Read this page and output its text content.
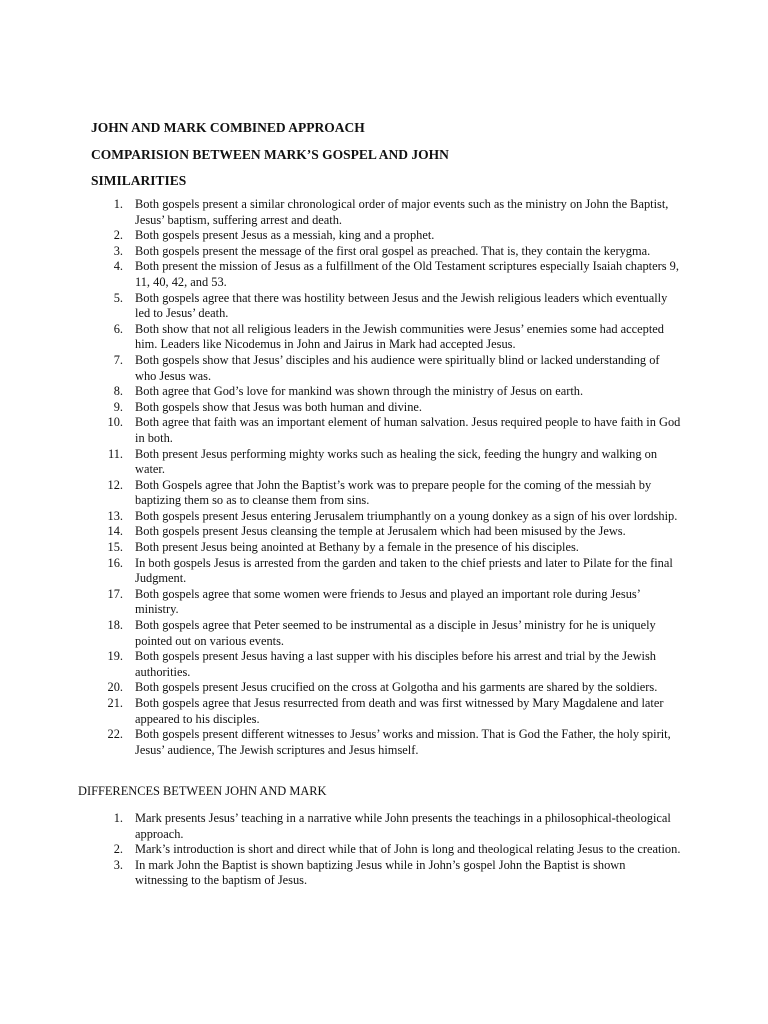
JOHN AND MARK COMBINED APPROACH
COMPARISION BETWEEN MARK’S GOSPEL AND JOHN
SIMILARITIES
1. Both gospels present a similar chronological order of major events such as the ministry on John the Baptist, Jesus’ baptism, suffering arrest and death.
2. Both gospels present Jesus as a messiah, king and a prophet.
3. Both gospels present the message of the first oral gospel as preached. That is, they contain the kerygma.
4. Both present the mission of Jesus as a fulfillment of the Old Testament scriptures especially Isaiah chapters 9, 11, 40, 42, and 53.
5. Both gospels agree that there was hostility between Jesus and the Jewish religious leaders which eventually led to Jesus’ death.
6. Both show that not all religious leaders in the Jewish communities were Jesus’ enemies some had accepted him. Leaders like Nicodemus in John and Jairus in Mark had accepted Jesus.
7. Both gospels show that Jesus’ disciples and his audience were spiritually blind or lacked understanding of who Jesus was.
8. Both agree that God’s love for mankind was shown through the ministry of Jesus on earth.
9. Both gospels show that Jesus was both human and divine.
10. Both agree that faith was an important element of human salvation. Jesus required people to have faith in God in both.
11. Both present Jesus performing mighty works such as healing the sick, feeding the hungry and walking on water.
12. Both Gospels agree that John the Baptist’s work was to prepare people for the coming of the messiah by baptizing them so as to cleanse them from sins.
13. Both gospels present Jesus entering Jerusalem triumphantly on a young donkey as a sign of his over lordship.
14. Both gospels present Jesus cleansing the temple at Jerusalem which had been misused by the Jews.
15. Both present Jesus being anointed at Bethany by a female in the presence of his disciples.
16. In both gospels Jesus is arrested from the garden and taken to the chief priests and later to Pilate for the final Judgment.
17. Both gospels agree that some women were friends to Jesus and played an important role during Jesus’ ministry.
18. Both gospels agree that Peter seemed to be instrumental as a disciple in Jesus’ ministry for he is uniquely pointed out on various events.
19. Both gospels present Jesus having a last supper with his disciples before his arrest and trial by the Jewish authorities.
20. Both gospels present Jesus crucified on the cross at Golgotha and his garments are shared by the soldiers.
21. Both gospels agree that Jesus resurrected from death and was first witnessed by Mary Magdalene and later appeared to his disciples.
22. Both gospels present different witnesses to Jesus’ works and mission. That is God the Father, the holy spirit, Jesus’ audience, The Jewish scriptures and Jesus himself.
DIFFERENCES BETWEEN JOHN AND MARK
1. Mark presents Jesus’ teaching in a narrative while John presents the teachings in a philosophical-theological approach.
2. Mark’s introduction is short and direct while that of John is long and theological relating Jesus to the creation.
3. In mark John the Baptist is shown baptizing Jesus while in John’s gospel John the Baptist is shown witnessing to the baptism of Jesus.
